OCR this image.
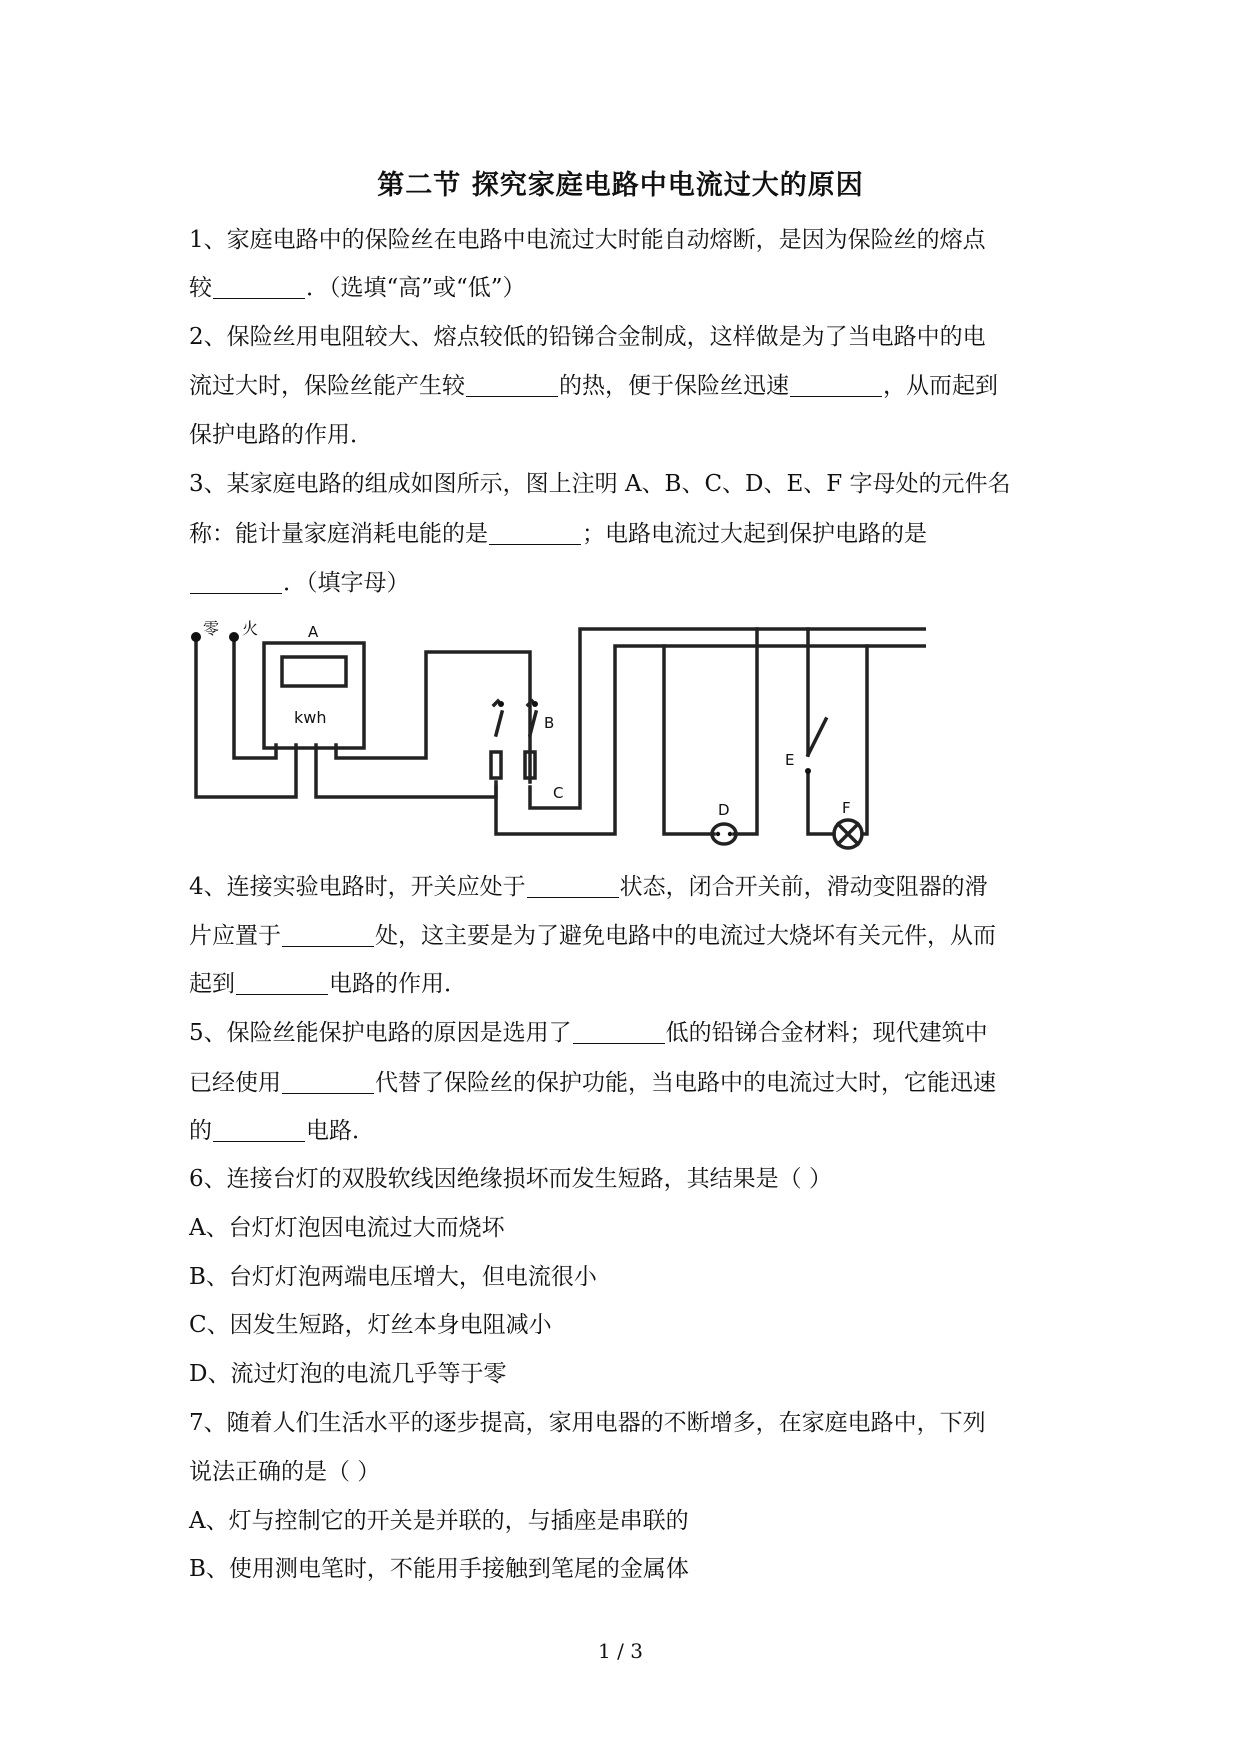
第二节 探究家庭电路中电流过大的原因
1、家庭电路中的保险丝在电路中电流过大时能自动熔断，是因为保险丝的熔点
较	．（选填“高”或“低”）
2、保险丝用电阻较大、熔点较低的铅锑合金制成，这样做是为了当电路中的电
流过大时，保险丝能产生较	的热，便于保险丝迅速	，从而起到
保护电路的作用．
3、某家庭电路的组成如图所示，图上注明 A、B、C、D、E、F 字母处的元件名
称：能计量家庭消耗电能的是	；电路电流过大起到保护电路的是
．（填字母）
零 火	A
kwh	B
C
D
E
F
4、连接实验电路时，开关应处于	状态，闭合开关前，滑动变阻器的滑
片应置于	处，这主要是为了避免电路中的电流过大烧坏有关元件，从而
起到	电路的作用．
5、保险丝能保护电路的原因是选用了	低的铅锑合金材料；现代建筑中
已经使用	代替了保险丝的保护功能，当电路中的电流过大时，它能迅速
的	电路．
6、连接台灯的双股软线因绝缘损坏而发生短路，其结果是（ ）
A、台灯灯泡因电流过大而烧坏
B、台灯灯泡两端电压增大，但电流很小
C、因发生短路，灯丝本身电阻减小
D、流过灯泡的电流几乎等于零
7、随着人们生活水平的逐步提高，家用电器的不断增多，在家庭电路中，下列
说法正确的是（ ）
A、灯与控制它的开关是并联的，与插座是串联的
B、使用测电笔时，不能用手接触到笔尾的金属体
1 / 3
